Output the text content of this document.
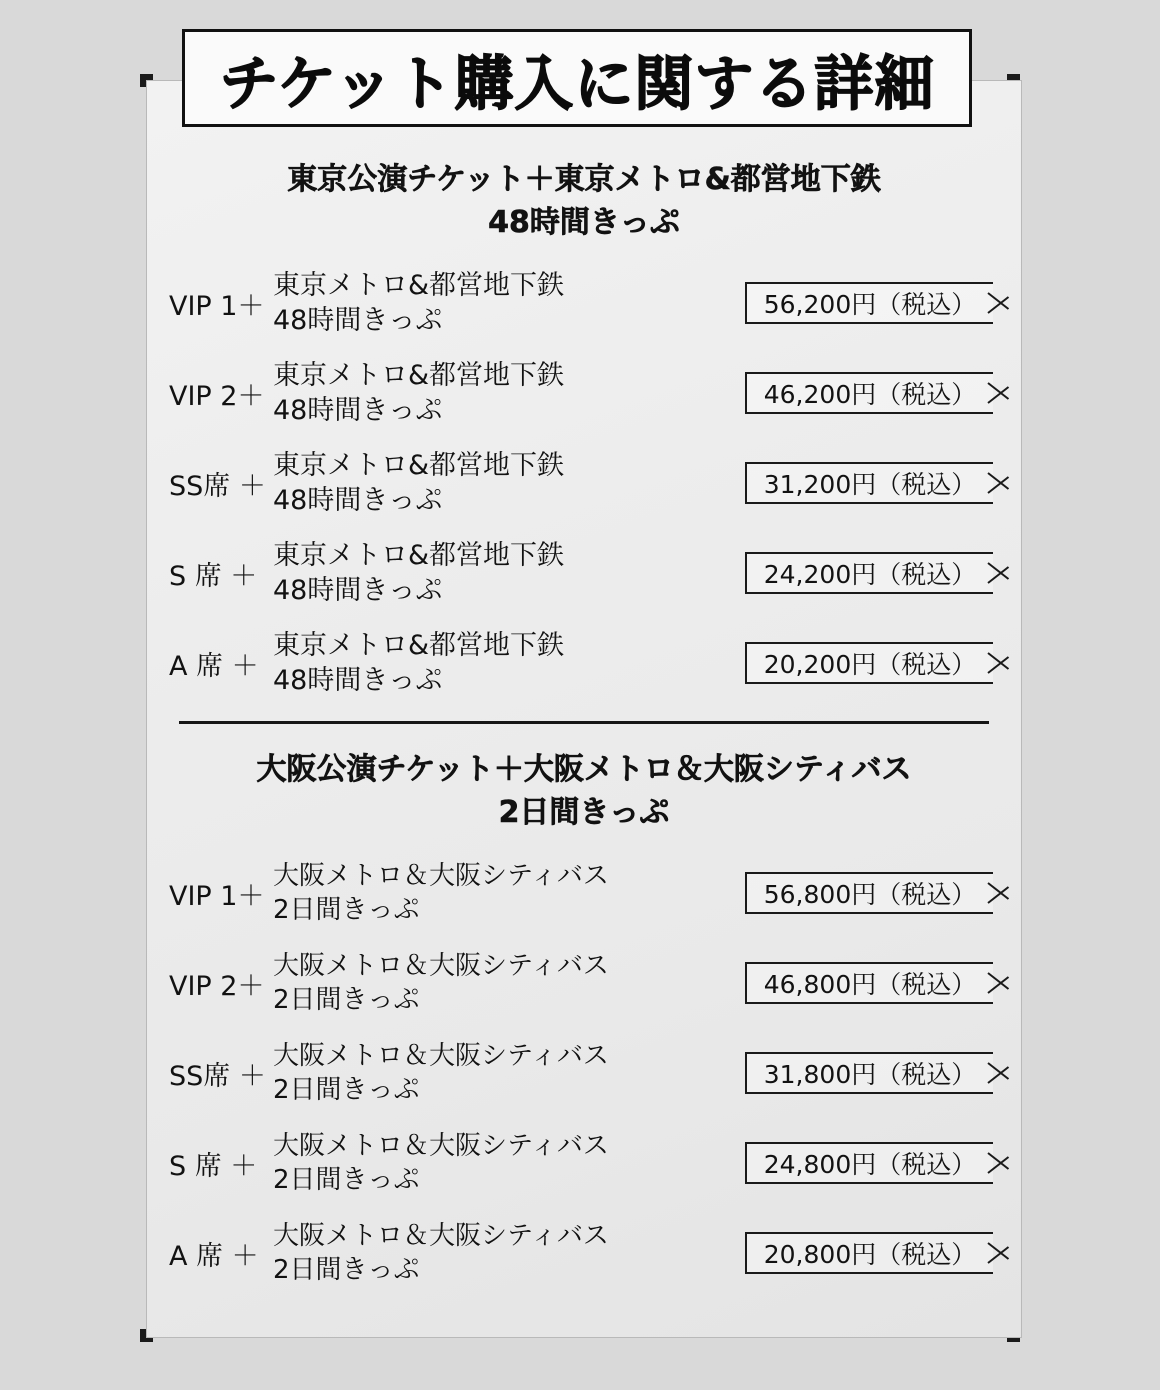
東京公演チケット＋東京メトロ&都営地下鉄
48時間きっぷ
VIP 1＋
東京メトロ&都営地下鉄
48時間きっぷ
56,200円（税込）
VIP 2＋
東京メトロ&都営地下鉄
48時間きっぷ
46,200円（税込）
SS席 ＋
東京メトロ&都営地下鉄
48時間きっぷ
31,200円（税込）
S 席 ＋
東京メトロ&都営地下鉄
48時間きっぷ
24,200円（税込）
A 席 ＋
東京メトロ&都営地下鉄
48時間きっぷ
20,200円（税込）
大阪公演チケット＋大阪メトロ＆大阪シティバス
2日間きっぷ
VIP 1＋
大阪メトロ＆大阪シティバス
2日間きっぷ
56,800円（税込）
VIP 2＋
大阪メトロ＆大阪シティバス
2日間きっぷ
46,800円（税込）
SS席 ＋
大阪メトロ＆大阪シティバス
2日間きっぷ
31,800円（税込）
S 席 ＋
大阪メトロ＆大阪シティバス
2日間きっぷ
24,800円（税込）
A 席 ＋
大阪メトロ＆大阪シティバス
2日間きっぷ
20,800円（税込）
チケット購入に関する詳細
